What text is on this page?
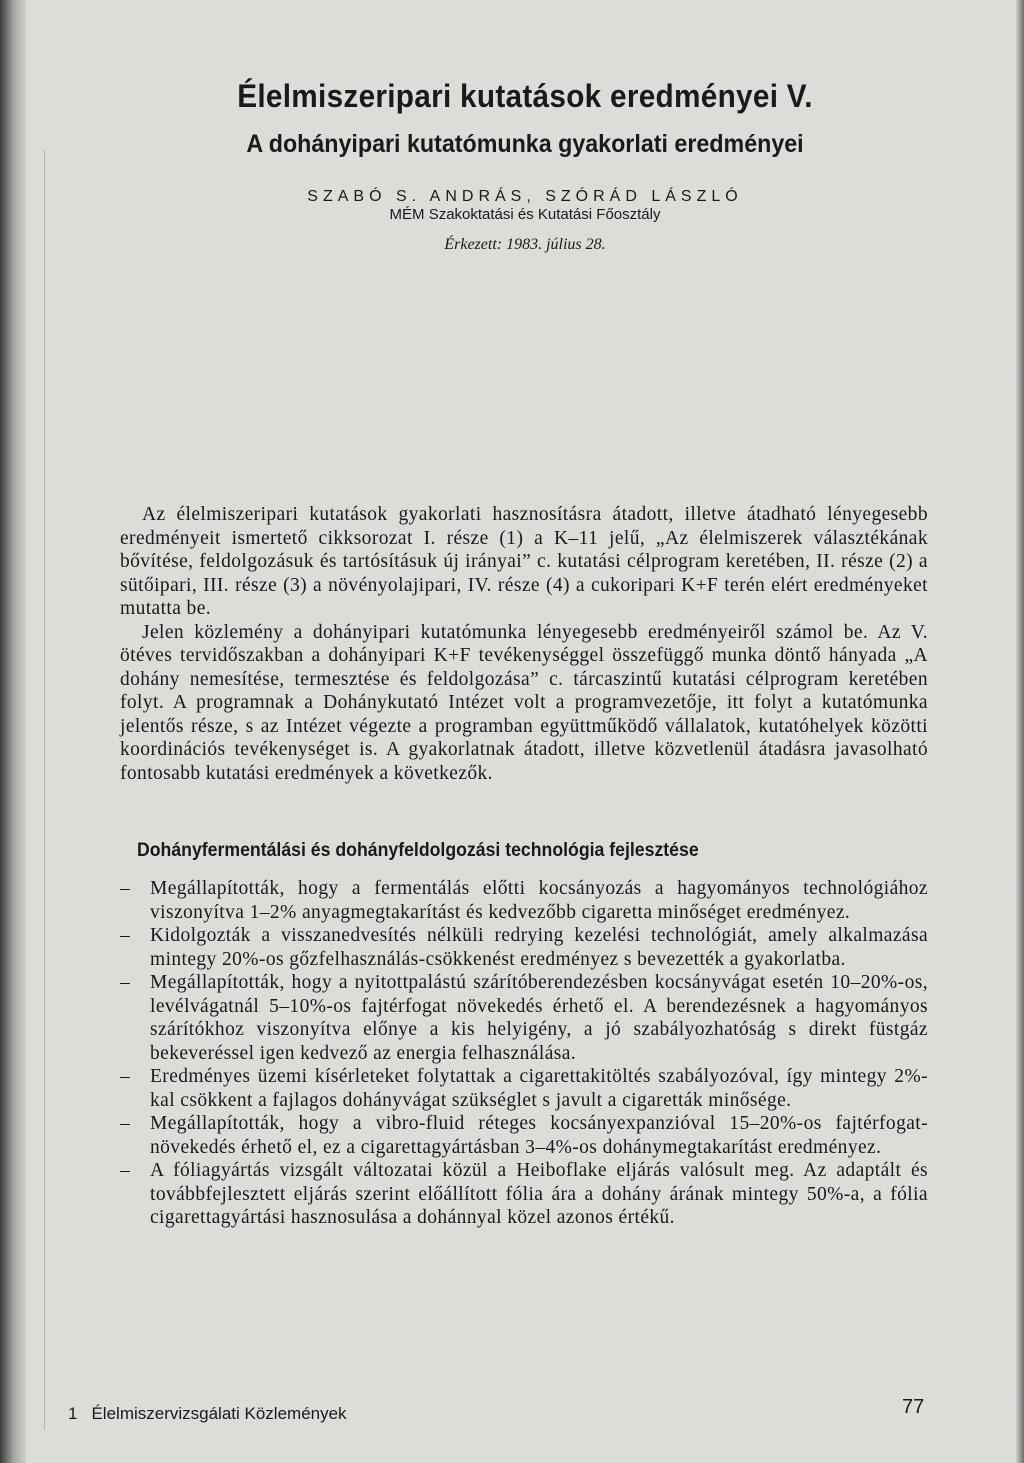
Élelmiszeripari kutatások eredményei V.
A dohányipari kutatómunka gyakorlati eredményei
SZABÓ S. ANDRÁS, SZÓRÁD LÁSZLÓ
MÉM Szakoktatási és Kutatási Főosztály
Érkezett: 1983. július 28.

Az élelmiszeripari kutatások gyakorlati hasznosításra átadott, illetve átadható lényegesebb eredményeit ismertető cikksorozat I. része (1) a K–11 jelű, „Az élelmiszerek választékának bővítése, feldolgozásuk és tartósításuk új irányai” c. kutatási célprogram keretében, II. része (2) a sütőipari, III. része (3) a növényolajipari, IV. része (4) a cukoripari K+F terén elért eredményeket mutatta be.

Jelen közlemény a dohányipari kutatómunka lényegesebb eredményeiről számol be. Az V. ötéves tervidőszakban a dohányipari K+F tevékenységgel összefüggő munka döntő hányada „A dohány nemesítése, termesztése és feldolgozása” c. tárcaszintű kutatási célprogram keretében folyt. A programnak a Dohánykutató Intézet volt a programvezetője, itt folyt a kutatómunka jelentős része, s az Intézet végezte a programban együttműködő vállalatok, kutatóhelyek közötti koordinációs tevékenységet is. A gyakorlatnak átadott, illetve közvetlenül átadásra javasolható fontosabb kutatási eredmények a következők.

Dohányfermentálási és dohányfeldolgozási technológia fejlesztése
– Megállapították, hogy a fermentálás előtti kocsányozás a hagyományos technológiához viszonyítva 1–2% anyagmegtakarítást és kedvezőbb cigaretta minőséget eredményez.
– Kidolgozták a visszanedvesítés nélküli redrying kezelési technológiát, amely alkalmazása mintegy 20%-os gőzfelhasználás-csökkenést eredményez s bevezették a gyakorlatba.
– Megállapították, hogy a nyitottpalástú szárítóberendezésben kocsányvágat esetén 10–20%-os, levélvágatnál 5–10%-os fajtérfogat növekedés érhető el. A berendezésnek a hagyományos szárítókhoz viszonyítva előnye a kis helyigény, a jó szabályozhatóság s direkt füstgáz bekeveréssel igen kedvező az energia felhasználása.
– Eredményes üzemi kísérleteket folytattak a cigarettakitöltés szabályozóval, így mintegy 2%-kal csökkent a fajlagos dohányvágat szükséglet s javult a cigaretták minősége.
– Megállapították, hogy a vibro-fluid réteges kocsányexpanzióval 15–20%-os fajtérfogat-növekedés érhető el, ez a cigarettagyártásban 3–4%-os dohánymegtakarítást eredményez.
– A fóliagyártás vizsgált változatai közül a Heiboflake eljárás valósult meg. Az adaptált és továbbfejlesztett eljárás szerint előállított fólia ára a dohány árának mintegy 50%-a, a fólia cigarettagyártási hasznosulása a dohánnyal közel azonos értékű.
1 Élelmiszervizsgálati Közlemények	77
